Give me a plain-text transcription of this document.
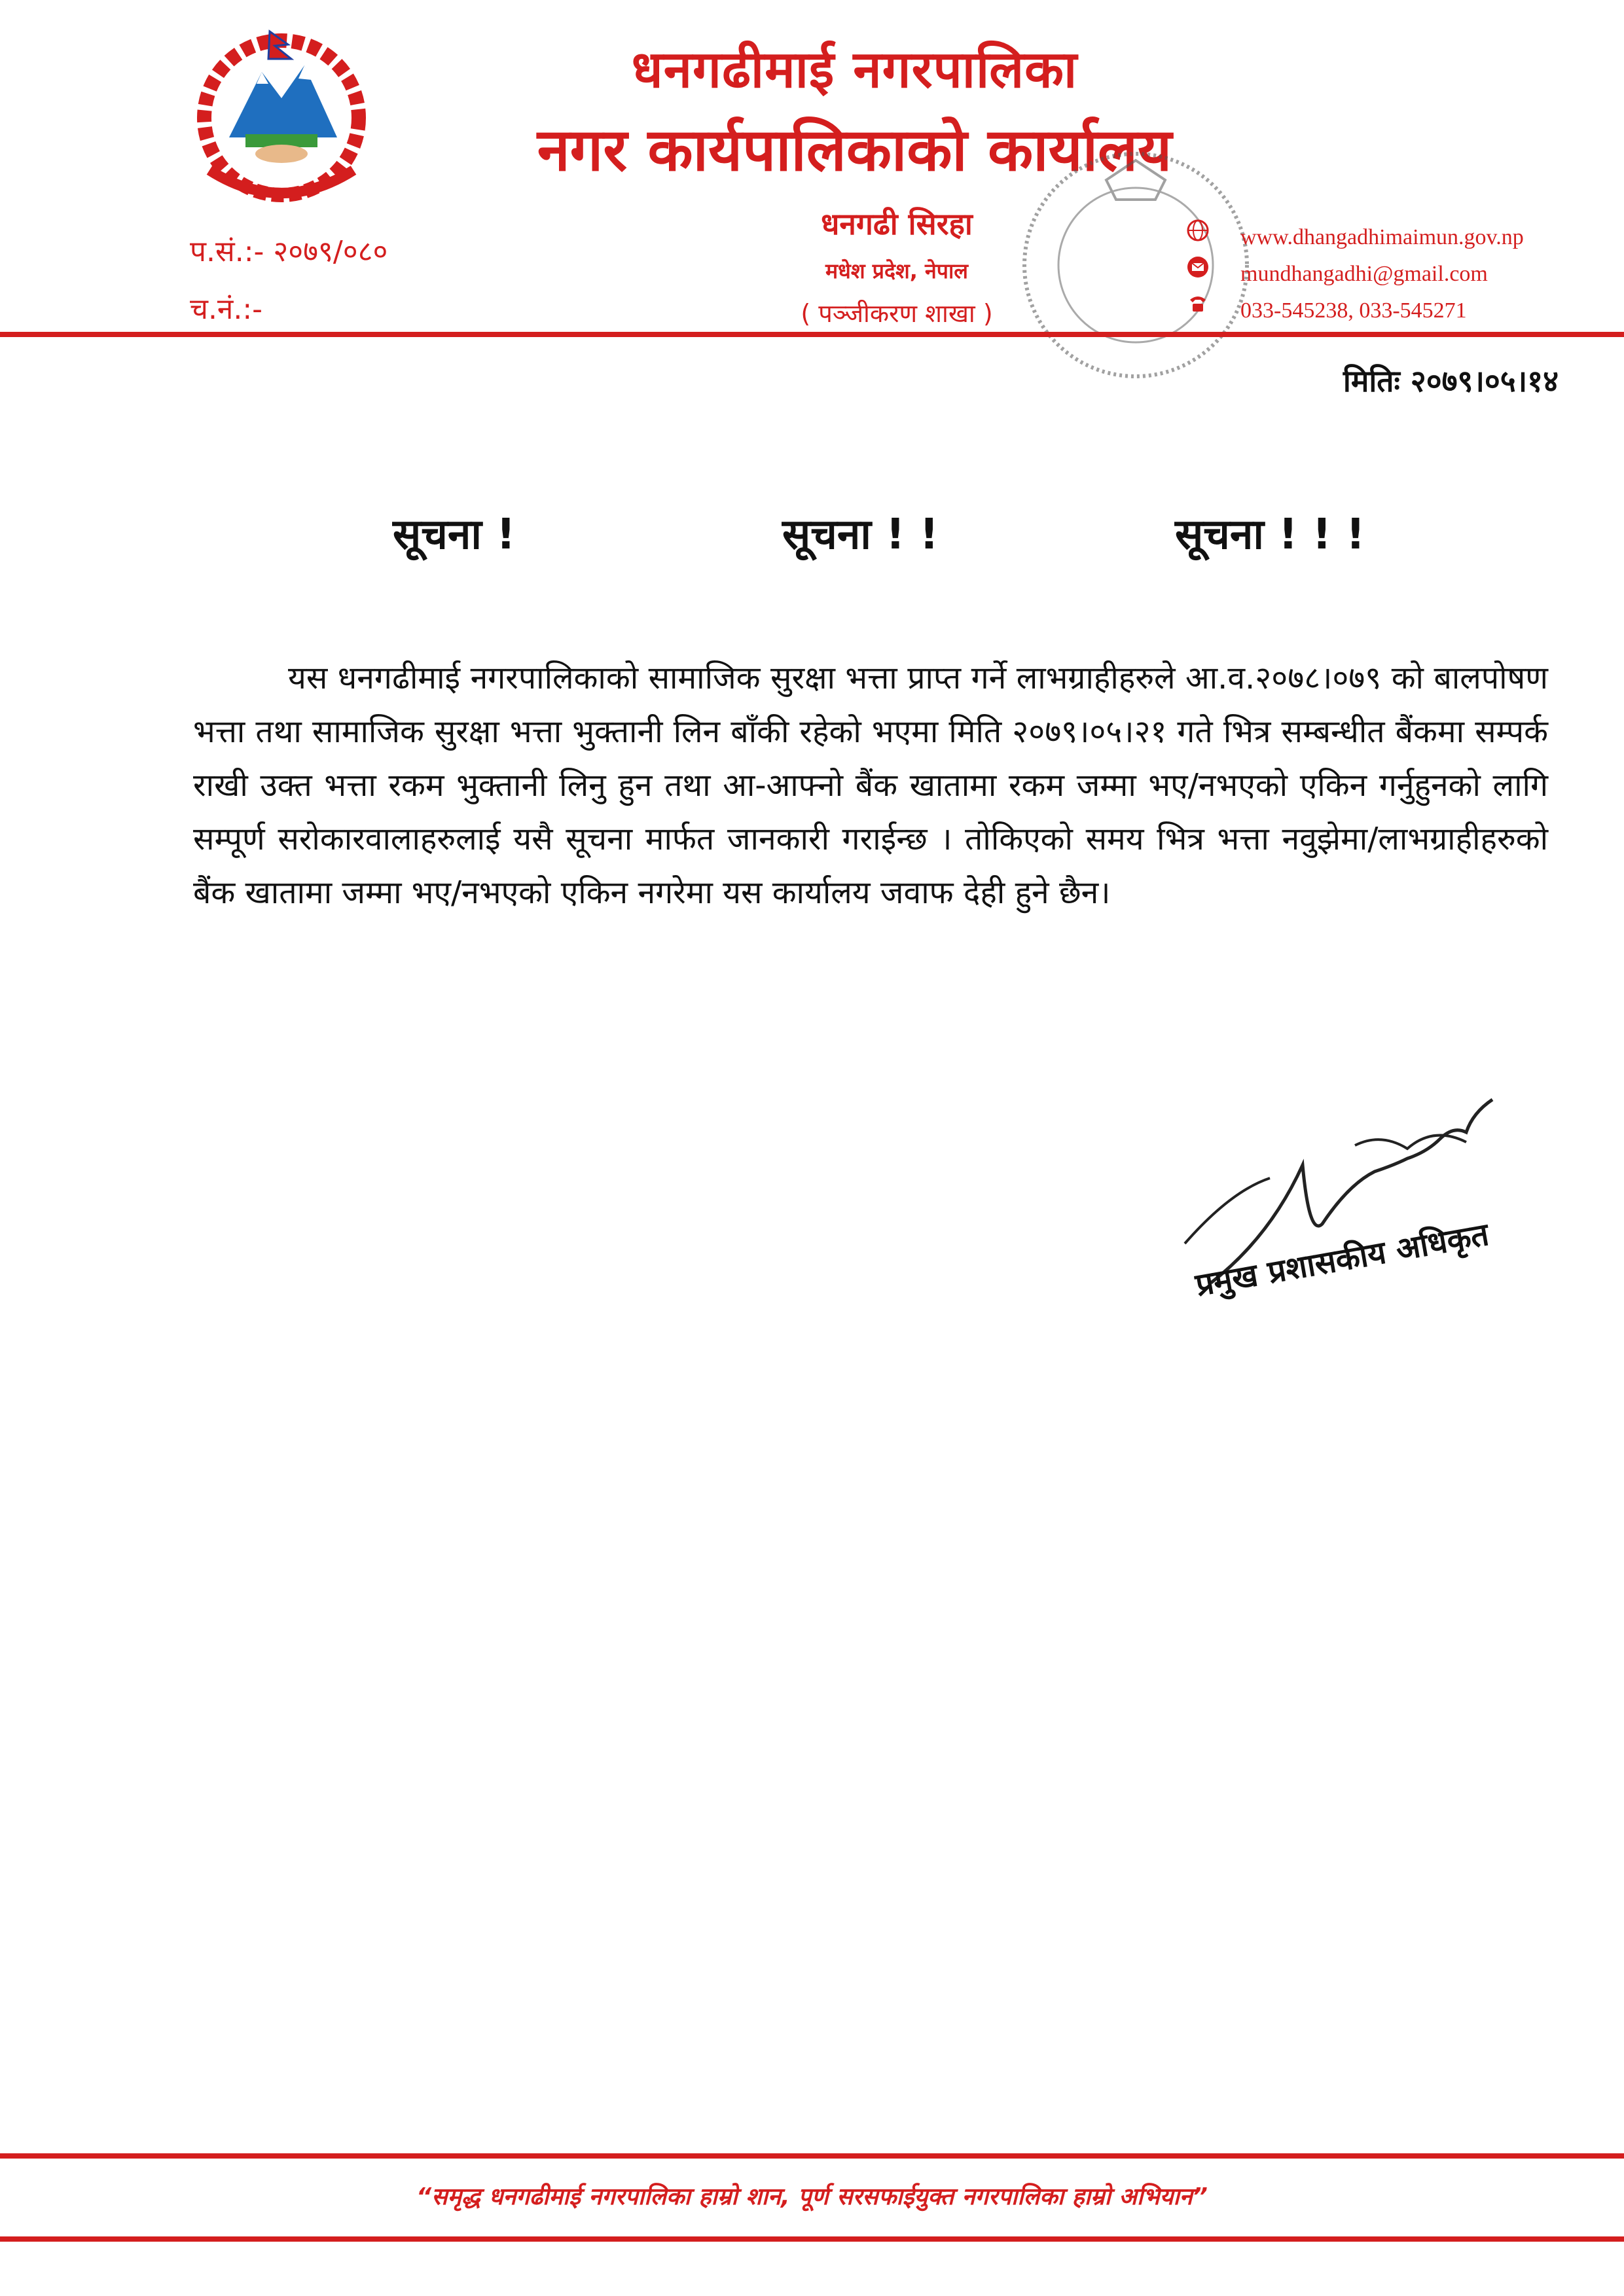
धनगढीमाई नगरपालिका
नगर कार्यपालिकाको कार्यालय
प.सं.:- २०७९/०८०
च.नं.:-
धनगढी सिरहा
मधेश प्रदेश, नेपाल
( पञ्जीकरण शाखा )
www.dhangadhimaimun.gov.np
mundhangadhi@gmail.com
033-545238, 033-545271
मितिः २०७९।०५।१४
सूचना !	सूचना ! !	सूचना ! ! !

यस धनगढीमाई नगरपालिकाको सामाजिक सुरक्षा भत्ता प्राप्त गर्ने लाभग्राहीहरुले आ.व.२०७८।०७९ को बालपोषण भत्ता तथा सामाजिक सुरक्षा भत्ता भुक्तानी लिन बाँकी रहेको भएमा मिति २०७९।०५।२१ गते भित्र सम्बन्धीत बैंकमा सम्पर्क राखी उक्त भत्ता रकम भुक्तानी लिनु हुन तथा आ-आफ्नो बैंक खातामा रकम जम्मा भए/नभएको एकिन गर्नुहुनको लागि सम्पूर्ण सरोकारवालाहरुलाई यसै सूचना मार्फत जानकारी गराईन्छ । तोकिएको समय भित्र भत्ता नवुझेमा/लाभग्राहीहरुको बैंक खातामा जम्मा भए/नभएको एकिन नगरेमा यस कार्यालय जवाफ देही हुने छैन।

प्रमुख प्रशासकीय अधिकृत
“समृद्ध धनगढीमाई नगरपालिका हाम्रो शान, पूर्ण सरसफाईयुक्त नगरपालिका हाम्रो अभियान”
